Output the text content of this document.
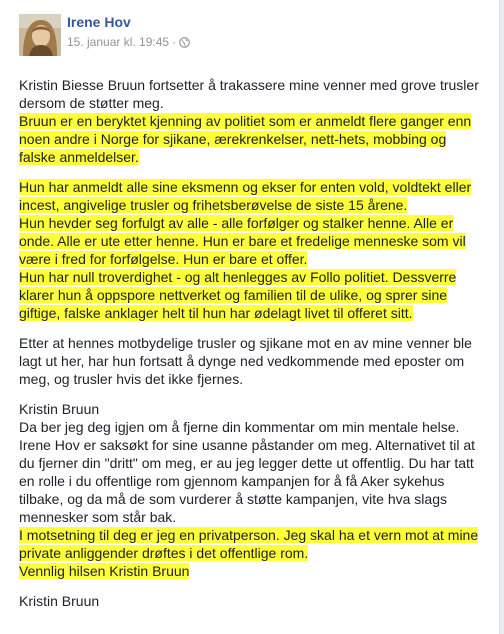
Irene Hov
15. januar kl. 19:45 ·
Kristin Biesse Bruun fortsetter å trakassere mine venner med grove trusler
dersom de støtter meg.
Bruun er en beryktet kjenning av politiet som er anmeldt flere ganger enn
noen andre i Norge for sjikane, ærekrenkelser, nett-hets, mobbing og
falske anmeldelser.
Hun har anmeldt alle sine eksmenn og ekser for enten vold, voldtekt eller
incest, angivelige trusler og frihetsberøvelse de siste 15 årene.
Hun hevder seg forfulgt av alle - alle forfølger og stalker henne. Alle er
onde. Alle er ute etter henne. Hun er bare et fredelige menneske som vil
være i fred for forfølgelse. Hun er bare et offer.
Hun har null troverdighet - og alt henlegges av Follo politiet. Dessverre
klarer hun å oppspore nettverket og familien til de ulike, og sprer sine
giftige, falske anklager helt til hun har ødelagt livet til offeret sitt.
Etter at hennes motbydelige trusler og sjikane mot en av mine venner ble
lagt ut her, har hun fortsatt å dynge ned vedkommende med eposter om
meg, og trusler hvis det ikke fjernes.
Kristin Bruun
Da ber jeg deg igjen om å fjerne din kommentar om min mentale helse.
Irene Hov er saksøkt for sine usanne påstander om meg. Alternativet til at
du fjerner din "dritt" om meg, er au jeg legger dette ut offentlig. Du har tatt
en rolle i du offentlige rom gjennom kampanjen for å få Aker sykehus
tilbake, og da må de som vurderer å støtte kampanjen, vite hva slags
mennesker som står bak.
I motsetning til deg er jeg en privatperson. Jeg skal ha et vern mot at mine
private anliggender drøftes i det offentlige rom.
Vennlig hilsen Kristin Bruun
Kristin Bruun
